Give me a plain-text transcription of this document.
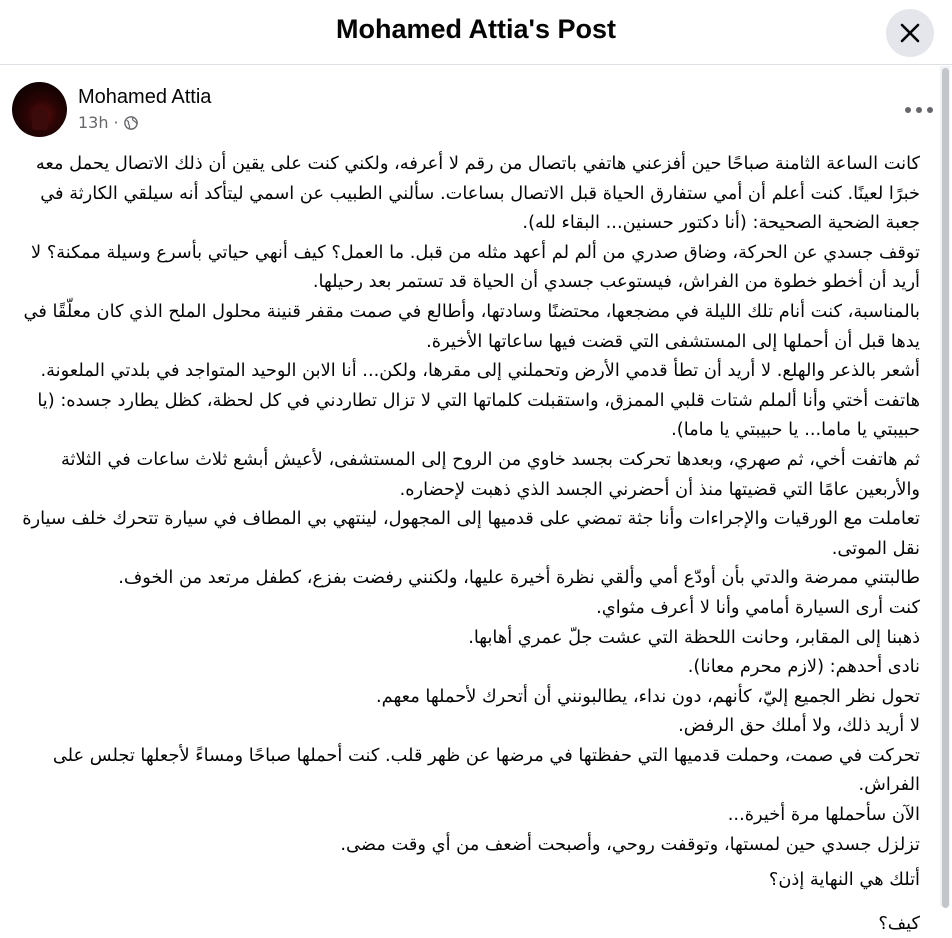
Mohamed Attia's Post
Mohamed Attia
13h ·

كانت الساعة الثامنة صباحًا حين أفزعني هاتفي باتصال من رقم لا أعرفه، ولكني كنت على يقين أن ذلك الاتصال يحمل معه خبرًا لعينًا. كنت أعلم أن أمي ستفارق الحياة قبل الاتصال بساعات. سألني الطبيب عن اسمي ليتأكد أنه سيلقي الكارثة في جعبة الضحية الصحيحة: (أنا دكتور حسنين... البقاء لله).

توقف جسدي عن الحركة، وضاق صدري من ألم لم أعهد مثله من قبل. ما العمل؟ كيف أنهي حياتي بأسرع وسيلة ممكنة؟ لا أريد أن أخطو خطوة من الفراش، فيستوعب جسدي أن الحياة قد تستمر بعد رحيلها.

بالمناسبة، كنت أنام تلك الليلة في مضجعها، محتضنًا وسادتها، وأطالع في صمت مقفر قنينة محلول الملح الذي كان معلّقًا في يدها قبل أن أحملها إلى المستشفى التي قضت فيها ساعاتها الأخيرة.

أشعر بالذعر والهلع. لا أريد أن تطأ قدمي الأرض وتحملني إلى مقرها، ولكن... أنا الابن الوحيد المتواجد في بلدتي الملعونة.

هاتفت أختي وأنا ألملم شتات قلبي الممزق، واستقبلت كلماتها التي لا تزال تطاردني في كل لحظة، كظل يطارد جسده: (يا حبيبتي يا ماما... يا حبيبتي يا ماما).

ثم هاتفت أخي، ثم صهري، وبعدها تحركت بجسد خاوي من الروح إلى المستشفى، لأعيش أبشع ثلاث ساعات في الثلاثة والأربعين عامًا التي قضيتها منذ أن أحضرني الجسد الذي ذهبت لإحضاره.

تعاملت مع الورقيات والإجراءات وأنا جثة تمضي على قدميها إلى المجهول، لينتهي بي المطاف في سيارة تتحرك خلف سيارة نقل الموتى.

طالبتني ممرضة والدتي بأن أودّع أمي وألقي نظرة أخيرة عليها، ولكنني رفضت بفزع، كطفل مرتعد من الخوف.

كنت أرى السيارة أمامي وأنا لا أعرف مثواي.

ذهبنا إلى المقابر، وحانت اللحظة التي عشت جلّ عمري أهابها.

نادى أحدهم: (لازم محرم معانا).

تحول نظر الجميع إليّ، كأنهم، دون نداء، يطالبونني أن أتحرك لأحملها معهم.

لا أريد ذلك، ولا أملك حق الرفض.

تحركت في صمت، وحملت قدميها التي حفظتها في مرضها عن ظهر قلب. كنت أحملها صباحًا ومساءً لأجعلها تجلس على الفراش.

الآن سأحملها مرة أخيرة...

تزلزل جسدي حين لمستها، وتوقفت روحي، وأصبحت أضعف من أي وقت مضى.

أتلك هي النهاية إذن؟

كيف؟
